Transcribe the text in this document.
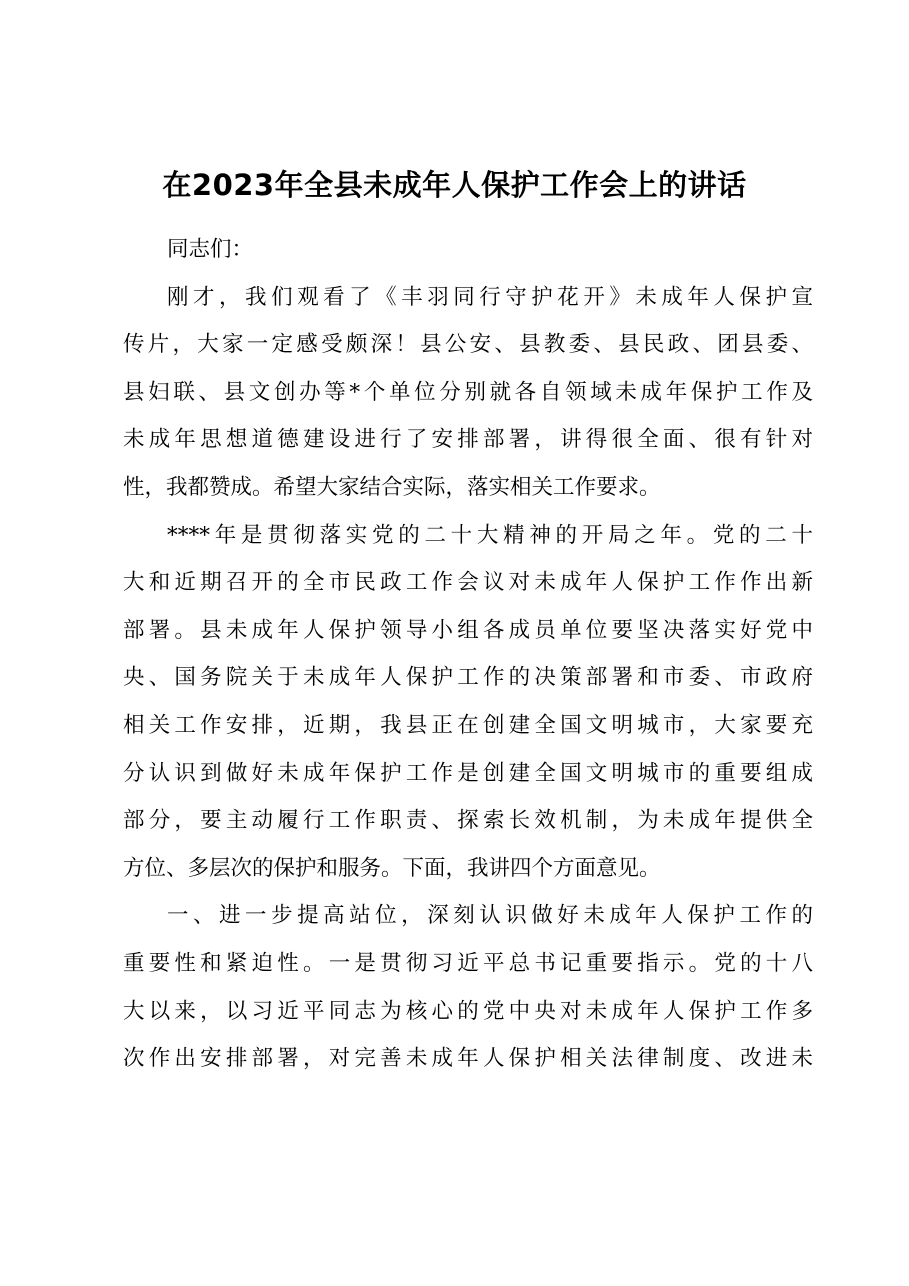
在2023年全县未成年人保护工作会上的讲话
同志们：
刚才，我们观看了《丰羽同行守护花开》未成年人保护宣
传片，大家一定感受颇深！县公安、县教委、县民政、团县委、
县妇联、县文创办等*个单位分别就各自领域未成年保护工作及
未成年思想道德建设进行了安排部署，讲得很全面、很有针对
性，我都赞成。希望大家结合实际，落实相关工作要求。
****年是贯彻落实党的二十大精神的开局之年。党的二十
大和近期召开的全市民政工作会议对未成年人保护工作作出新
部署。县未成年人保护领导小组各成员单位要坚决落实好党中
央、国务院关于未成年人保护工作的决策部署和市委、市政府
相关工作安排，近期，我县正在创建全国文明城市，大家要充
分认识到做好未成年保护工作是创建全国文明城市的重要组成
部分，要主动履行工作职责、探索长效机制，为未成年提供全
方位、多层次的保护和服务。下面，我讲四个方面意见。
一、进一步提高站位，深刻认识做好未成年人保护工作的
重要性和紧迫性。一是贯彻习近平总书记重要指示。党的十八
大以来，以习近平同志为核心的党中央对未成年人保护工作多
次作出安排部署，对完善未成年人保护相关法律制度、改进未
